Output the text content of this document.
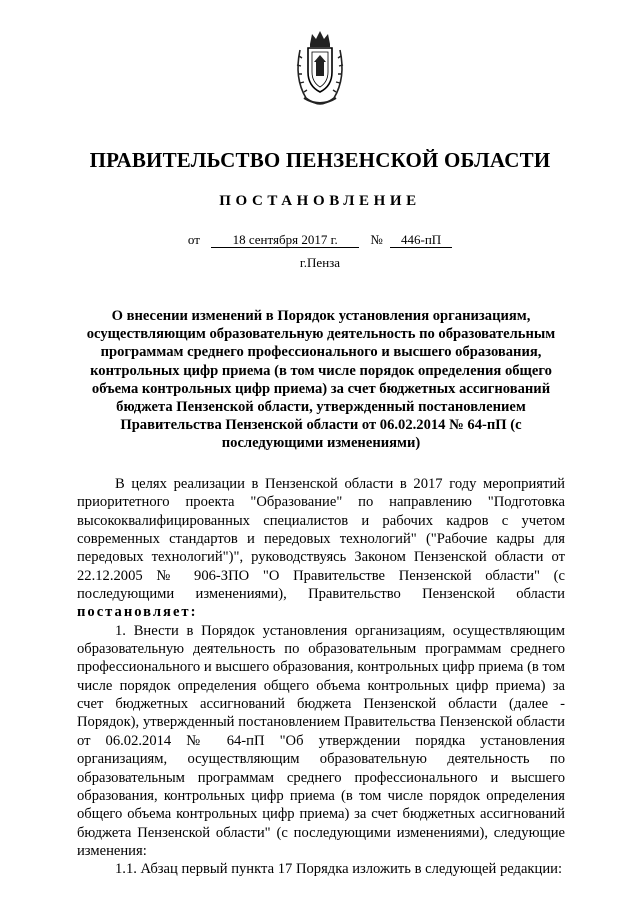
ПРАВИТЕЛЬСТВО ПЕНЗЕНСКОЙ ОБЛАСТИ
ПОСТАНОВЛЕНИЕ
от	18 сентября 2017 г.	№ 446-пП
г.Пенза
О внесении изменений в Порядок установления организациям, осуществляющим образовательную деятельность по образовательным программам среднего профессионального и высшего образования, контрольных цифр приема (в том числе порядок определения общего объема контрольных цифр приема) за счет бюджетных ассигнований бюджета Пензенской области, утвержденный постановлением Правительства Пензенской области от 06.02.2014 № 64-пП (с последующими изменениями)

В целях реализации в Пензенской области в 2017 году мероприятий приоритетного проекта "Образование" по направлению "Подготовка высококвалифицированных специалистов и рабочих кадров с учетом современных стандартов и передовых технологий" ("Рабочие кадры для передовых технологий")", руководствуясь Законом Пензенской области от 22.12.2005 № 906-ЗПО "О Правительстве Пензенской области" (с последующими изменениями), Правительство Пензенской области постановляет:

1. Внести в Порядок установления организациям, осуществляющим образовательную деятельность по образовательным программам среднего профессионального и высшего образования, контрольных цифр приема (в том числе порядок определения общего объема контрольных цифр приема) за счет бюджетных ассигнований бюджета Пензенской области (далее - Порядок), утвержденный постановлением Правительства Пензенской области от 06.02.2014 № 64-пП "Об утверждении порядка установления организациям, осуществляющим образовательную деятельность по образовательным программам среднего профессионального и высшего образования, контрольных цифр приема (в том числе порядок определения общего объема контрольных цифр приема) за счет бюджетных ассигнований бюджета Пензенской области" (с последующими изменениями), следующие изменения:

1.1. Абзац первый пункта 17 Порядка изложить в следующей редакции:
